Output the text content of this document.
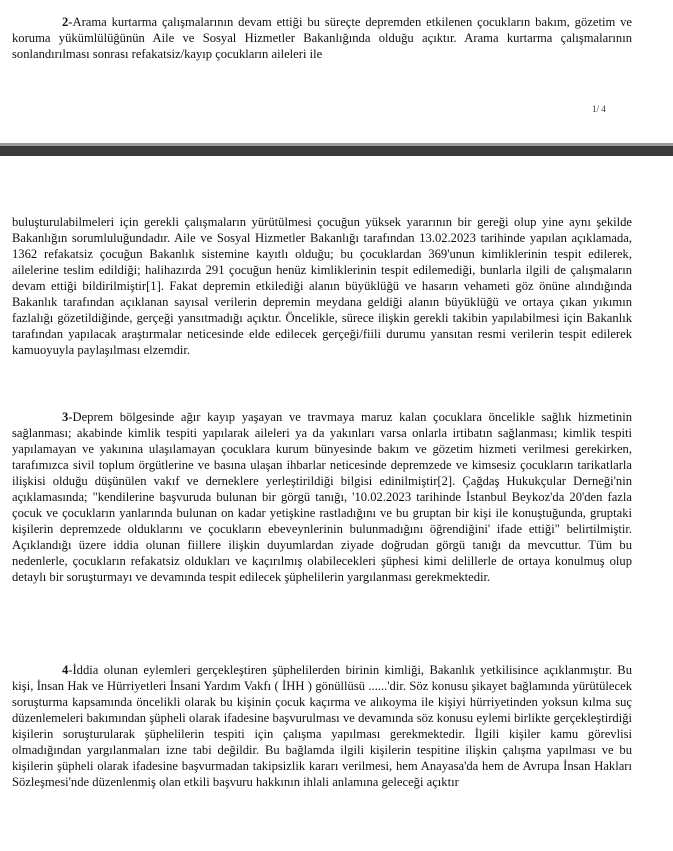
2-Arama kurtarma çalışmalarının devam ettiği bu süreçte depremden etkilenen çocukların bakım, gözetim ve koruma yükümlülüğünün Aile ve Sosyal Hizmetler Bakanlığında olduğu açıktır. Arama kurtarma çalışmalarının sonlandırılması sonrası refakatsiz/kayıp çocukların aileleri ile

1/ 4

buluşturulabilmeleri için gerekli çalışmaların yürütülmesi çocuğun yüksek yararının bir gereği olup yine aynı şekilde Bakanlığın sorumluluğundadır. Aile ve Sosyal Hizmetler Bakanlığı tarafından 13.02.2023 tarihinde yapılan açıklamada, 1362 refakatsiz çocuğun Bakanlık sistemine kayıtlı olduğu; bu çocuklardan 369'unun kimliklerinin tespit edilerek, ailelerine teslim edildiği; halihazırda 291 çocuğun henüz kimliklerinin tespit edilemediği, bunlarla ilgili de çalışmaların devam ettiği bildirilmiştir[1]. Fakat depremin etkilediği alanın büyüklüğü ve hasarın vehameti göz önüne alındığında Bakanlık tarafından açıklanan sayısal verilerin depremin meydana geldiği alanın büyüklüğü ve ortaya çıkan yıkımın fazlalığı gözetildiğinde, gerçeği yansıtmadığı açıktır. Öncelikle, sürece ilişkin gerekli takibin yapılabilmesi için Bakanlık tarafından yapılacak araştırmalar neticesinde elde edilecek gerçeği/fiili durumu yansıtan resmi verilerin tespit edilerek kamuoyuyla paylaşılması elzemdir.

3-Deprem bölgesinde ağır kayıp yaşayan ve travmaya maruz kalan çocuklara öncelikle sağlık hizmetinin sağlanması; akabinde kimlik tespiti yapılarak aileleri ya da yakınları varsa onlarla irtibatın sağlanması; kimlik tespiti yapılamayan ve yakınına ulaşılamayan çocuklara kurum bünyesinde bakım ve gözetim hizmeti verilmesi gerekirken, tarafımızca sivil toplum örgütlerine ve basına ulaşan ihbarlar neticesinde depremzede ve kimsesiz çocukların tarikatlarla ilişkisi olduğu düşünülen vakıf ve derneklere yerleştirildiği bilgisi edinilmiştir[2]. Çağdaş Hukukçular Derneği'nin açıklamasında; "kendilerine başvuruda bulunan bir görgü tanığı, '10.02.2023 tarihinde İstanbul Beykoz'da 20'den fazla çocuk ve çocukların yanlarında bulunan on kadar yetişkine rastladığını ve bu gruptan bir kişi ile konuştuğunda, gruptaki kişilerin depremzede olduklarını ve çocukların ebeveynlerinin bulunmadığını öğrendiğini' ifade ettiği" belirtilmiştir. Açıklandığı üzere iddia olunan fiillere ilişkin duyumlardan ziyade doğrudan görgü tanığı da mevcuttur. Tüm bu nedenlerle, çocukların refakatsiz oldukları ve kaçırılmış olabilecekleri şüphesi kimi delillerle de ortaya konulmuş olup detaylı bir soruşturmayı ve devamında tespit edilecek şüphelilerin yargılanması gerekmektedir.

4-İddia olunan eylemleri gerçekleştiren şüphelilerden birinin kimliği, Bakanlık yetkilisince açıklanmıştır. Bu kişi, İnsan Hak ve Hürriyetleri İnsani Yardım Vakfı ( İHH ) gönüllüsü ......'dir. Söz konusu şikayet bağlamında yürütülecek soruşturma kapsamında öncelikli olarak bu kişinin çocuk kaçırma ve alıkoyma ile kişiyi hürriyetinden yoksun kılma suç düzenlemeleri bakımından şüpheli olarak ifadesine başvurulması ve devamında söz konusu eylemi birlikte gerçekleştirdiği kişilerin soruşturularak şüphelilerin tespiti için çalışma yapılması gerekmektedir. İlgili kişiler kamu görevlisi olmadığından yargılanmaları izne tabi değildir. Bu bağlamda ilgili kişilerin tespitine ilişkin çalışma yapılması ve bu kişilerin şüpheli olarak ifadesine başvurmadan takipsizlik kararı verilmesi, hem Anayasa'da hem de Avrupa İnsan Hakları Sözleşmesi'nde düzenlenmiş olan etkili başvuru hakkının ihlali anlamına geleceği açıktır
